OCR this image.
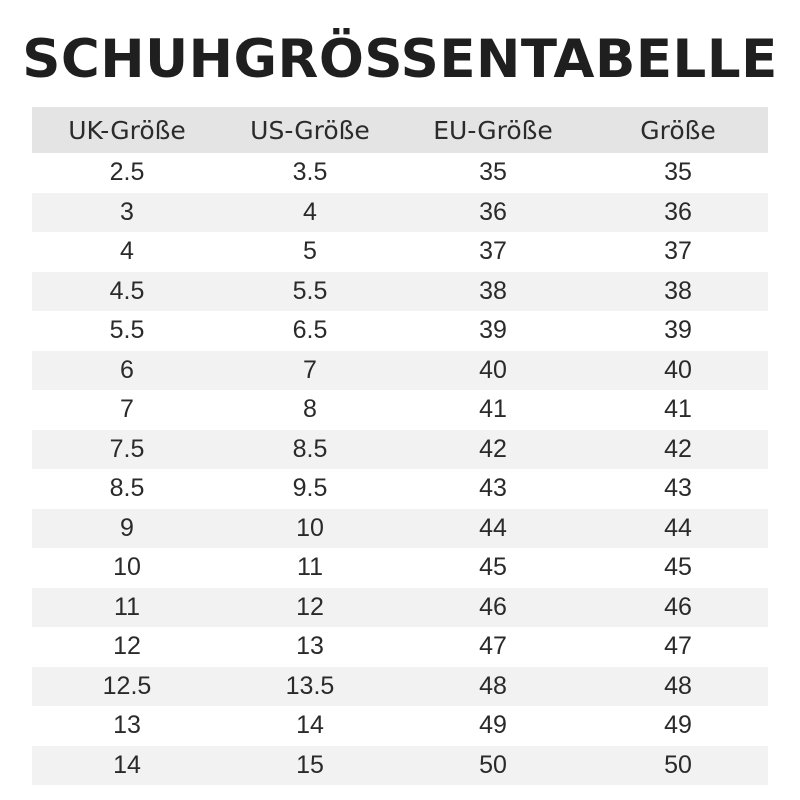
SCHUHGRÖSSENTABELLE
UK-Größe	US-Größe	EU-Größe	Größe
2.5	3.5	35	35
3	4	36	36
4	5	37	37
4.5	5.5	38	38
5.5	6.5	39	39
6	7	40	40
7	8	41	41
7.5	8.5	42	42
8.5	9.5	43	43
9	10	44	44
10	11	45	45
11	12	46	46
12	13	47	47
12.5	13.5	48	48
13	14	49	49
14	15	50	50
